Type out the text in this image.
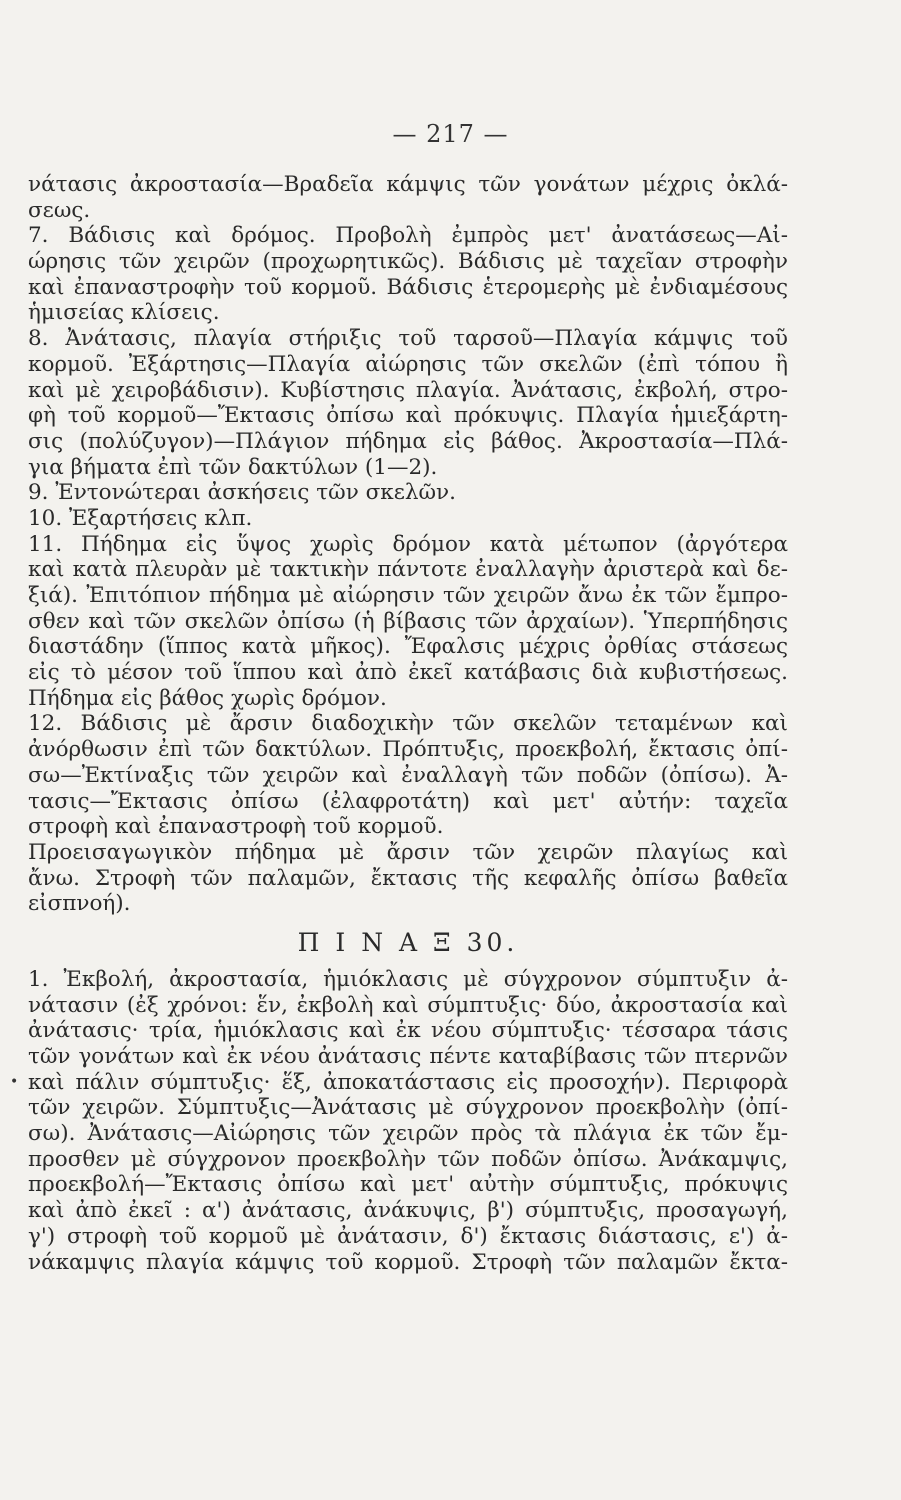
— 217 —
νάτασις ἀκροστασία—Βραδεῖα κάμψις τῶν γονάτων μέχρις ὀκλά-
σεως.
7. Βάδισις καὶ δρόμος. Προβολὴ ἐμπρὸς μετ' ἀνατάσεως—Αἰ-
ώρησις τῶν χειρῶν (προχωρητικῶς). Βάδισις μὲ ταχεῖαν στροφὴν
καὶ ἐπαναστροφὴν τοῦ κορμοῦ. Βάδισις ἑτερομερὴς μὲ ἐνδιαμέσους
ἡμισείας κλίσεις.
8. Ἀνάτασις, πλαγία στήριξις τοῦ ταρσοῦ—Πλαγία κάμψις τοῦ
κορμοῦ. Ἐξάρτησις—Πλαγία αἰώρησις τῶν σκελῶν (ἐπὶ τόπου ἢ
καὶ μὲ χειροβάδισιν). Κυβίστησις πλαγία. Ἀνάτασις, ἐκβολή, στρο-
φὴ τοῦ κορμοῦ—Ἔκτασις ὀπίσω καὶ πρόκυψις. Πλαγία ἡμιεξάρτη-
σις (πολύζυγον)—Πλάγιον πήδημα εἰς βάθος. Ἀκροστασία—Πλά-
για βήματα ἐπὶ τῶν δακτύλων (1—2).
9. Ἐντονώτεραι ἀσκήσεις τῶν σκελῶν.
10. Ἐξαρτήσεις κλπ.
11. Πήδημα εἰς ὕψος χωρὶς δρόμον κατὰ μέτωπον (ἀργότερα
καὶ κατὰ πλευρὰν μὲ τακτικὴν πάντοτε ἐναλλαγὴν ἀριστερὰ καὶ δε-
ξιά). Ἐπιτόπιον πήδημα μὲ αἰώρησιν τῶν χειρῶν ἄνω ἐκ τῶν ἔμπρο-
σθεν καὶ τῶν σκελῶν ὀπίσω (ἡ βίβασις τῶν ἀρχαίων). Ὑπερπήδησις
διαστάδην (ἵππος κατὰ μῆκος). Ἔφαλσις μέχρις ὀρθίας στάσεως
εἰς τὸ μέσον τοῦ ἵππου καὶ ἀπὸ ἐκεῖ κατάβασις διὰ κυβιστήσεως.
Πήδημα εἰς βάθος χωρὶς δρόμον.
12. Βάδισις μὲ ἄρσιν διαδοχικὴν τῶν σκελῶν τεταμένων καὶ
ἀνόρθωσιν ἐπὶ τῶν δακτύλων. Πρόπτυξις, προεκβολή, ἔκτασις ὀπί-
σω—Ἐκτίναξις τῶν χειρῶν καὶ ἐναλλαγὴ τῶν ποδῶν (ὀπίσω). Ἀ-
τασις—Ἔκτασις ὀπίσω (ἐλαφροτάτη) καὶ μετ' αὐτήν: ταχεῖα
στροφὴ καὶ ἐπαναστροφὴ τοῦ κορμοῦ.
Προεισαγωγικὸν πήδημα μὲ ἄρσιν τῶν χειρῶν πλαγίως καὶ
ἄνω. Στροφὴ τῶν παλαμῶν, ἔκτασις τῆς κεφαλῆς ὀπίσω βαθεῖα
εἰσπνοή).
Π Ι Ν Α Ξ 30.
1. Ἐκβολή, ἀκροστασία, ἡμιόκλασις μὲ σύγχρονον σύμπτυξιν ἀ-
νάτασιν (ἐξ χρόνοι: ἕν, ἐκβολὴ καὶ σύμπτυξις· δύο, ἀκροστασία καὶ
ἀνάτασις· τρία, ἡμιόκλασις καὶ ἐκ νέου σύμπτυξις· τέσσαρα τάσις
τῶν γονάτων καὶ ἐκ νέου ἀνάτασις πέντε καταβίβασις τῶν πτερνῶν
καὶ πάλιν σύμπτυξις· ἕξ, ἀποκατάστασις εἰς προσοχήν). Περιφορὰ
τῶν χειρῶν. Σύμπτυξις—Ἀνάτασις μὲ σύγχρονον προεκβολὴν (ὀπί-
σω). Ἀνάτασις—Αἰώρησις τῶν χειρῶν πρὸς τὰ πλάγια ἐκ τῶν ἔμ-
προσθεν μὲ σύγχρονον προεκβολὴν τῶν ποδῶν ὀπίσω. Ἀνάκαμψις,
προεκβολή—Ἔκτασις ὀπίσω καὶ μετ' αὐτὴν σύμπτυξις, πρόκυψις
καὶ ἀπὸ ἐκεῖ : α') ἀνάτασις, ἀνάκυψις, β') σύμπτυξις, προσαγωγή,
γ') στροφὴ τοῦ κορμοῦ μὲ ἀνάτασιν, δ') ἔκτασις διάστασις, ε') ἀ-
νάκαμψις πλαγία κάμψις τοῦ κορμοῦ. Στροφὴ τῶν παλαμῶν ἔκτα-
•
